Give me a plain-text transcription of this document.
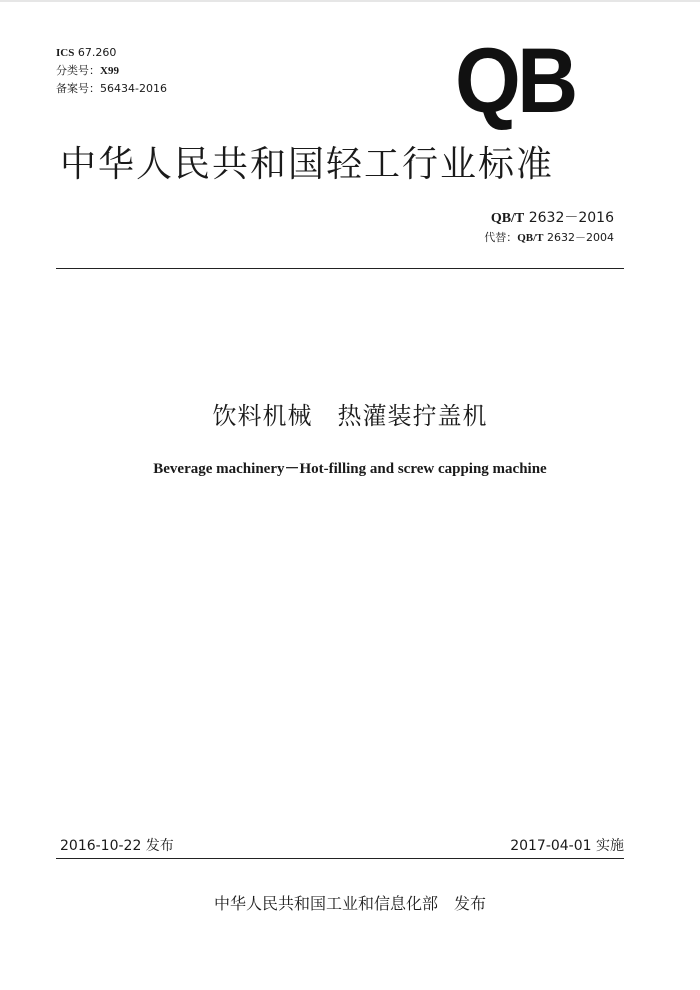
ICS 67.260
分类号：X99
备案号：56434-2016	QB
中华人民共和国轻工行业标准
QB/T 2632－2016
代替：QB/T 2632－2004
饮料机械　热灌装拧盖机
Beverage machinery－Hot-filling and screw capping machine
2016-10-22 发布	2017-04-01 实施
中华人民共和国工业和信息化部　发布
